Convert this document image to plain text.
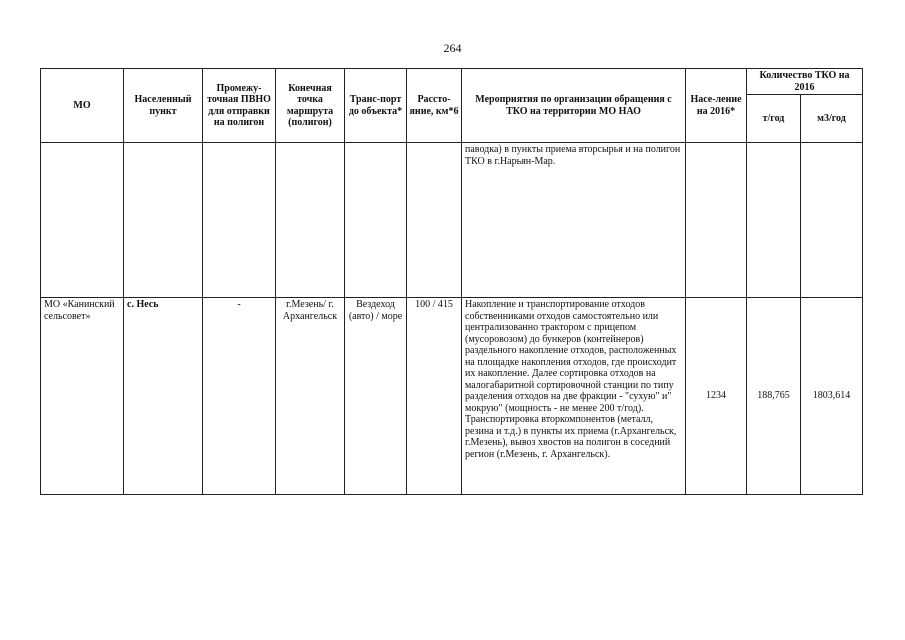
264
МО	Населенный пункт	Промежу-точная ПВНО для отправки на полигон	Конечная точка маршрута (полигон)	Транс-порт до объекта*	Рассто-яние, км*6	Мероприятия по организации обращения с ТКО на территории МО НАО	Насе-ление на 2016*	Количество ТКО на 2016	
								т/год	м3/год
						паводка) в пункты приема вторсырья и на полигон ТКО в г.Нарьян-Мар.			
МО «Канинский сельсовет»	с. Несь	-	г.Мезень/ г. Архангельск	Вездеход (авто) / море	100 / 415	Накопление и транспортирование отходов собственниками отходов самостоятельно или централизованно трактором с прицепом (мусоровозом) до бункеров (контейнеров) раздельного накопление отходов, расположенных на площадке накопления отходов, где происходит их накопление. Далее сортировка отходов на малогабаритной сортировочной станции по типу разделения отходов на две фракции - "сухую" и" мокрую" (мощность - не менее 200 т/год). Транспортировка вторкомпонентов (металл, резина и т.д.) в пункты их приема (г.Архангельск, г.Мезень), вывоз хвостов на полигон в соседний регион (г.Мезень, г. Архангельск).	1234	188,765	1803,614
